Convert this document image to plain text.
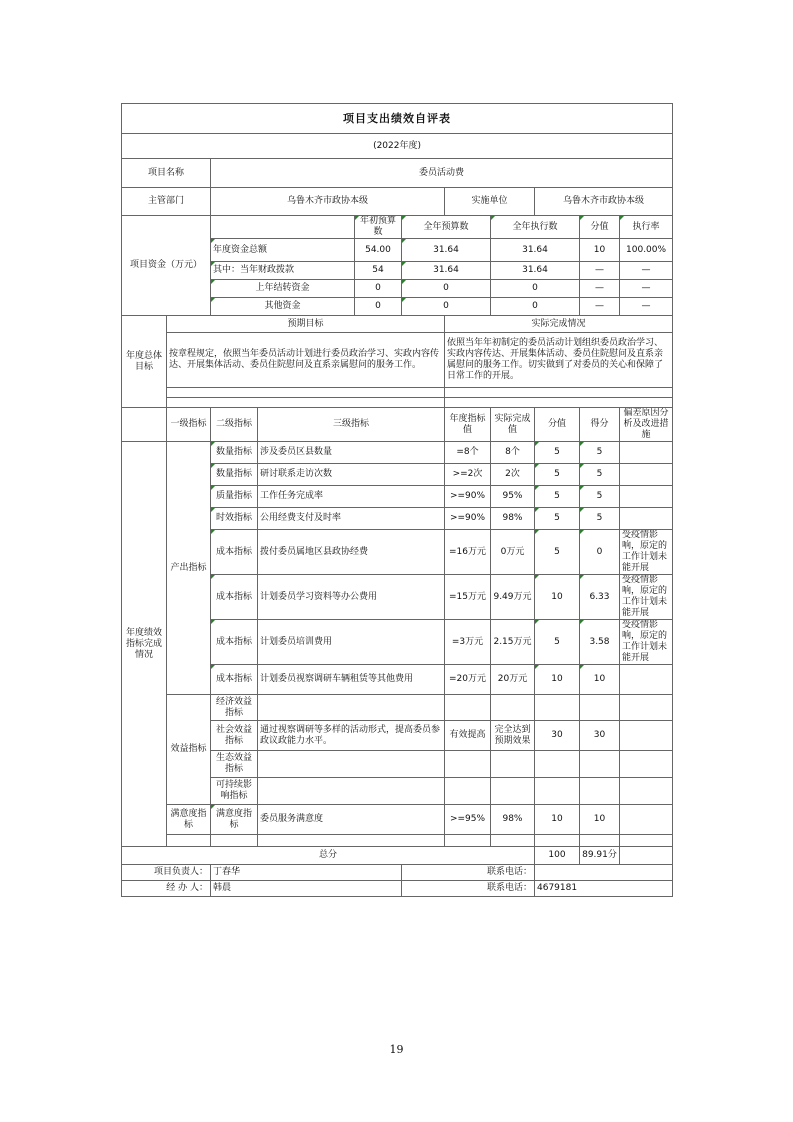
项目支出绩效自评表											
(2022年度)											
项目名称		委员活动费									
主管部门		乌鲁木齐市政协本级				实施单位		乌鲁木齐市政协本级			
项目资金（万元）				年初预算数	全年预算数		全年执行数		分值	执行率	
		年度资金总额		54.00	31.64		31.64		10	100.00%	
		其中：当年财政拨款		54	31.64		31.64		—	—	
		上年结转资金		0	0		0		—	—	
		其他资金		0	0		0		—	—	
年度总体目标	预期目标					实际完成情况					
	按章程规定，依照当年委员活动计划进行委员政治学习、实政内容传达、开展集体活动、委员住院慰问及直系亲属慰问的服务工作。					依照当年年初制定的委员活动计划组织委员政治学习、实政内容传达、开展集体活动、委员住院慰问及直系亲属慰问的服务工作。切实做到了对委员的关心和保障了日常工作的开展。					

	一级指标	二级指标	三级指标			年度指标值	实际完成值	分值	得分	偏差原因分析及改进措施	
年度绩效指标完成情况	产出指标	数量指标	涉及委员区县数量			=8个	8个	5	5		
		数量指标	研讨联系走访次数			>=2次	2次	5	5		
		质量指标	工作任务完成率			>=90%	95%	5	5		
		时效指标	公用经费支付及时率			>=90%	98%	5	5		
		成本指标	拨付委员属地区县政协经费			=16万元	0万元	5	0	受疫情影响，原定的工作计划未能开展	
		成本指标	计划委员学习资料等办公费用			=15万元	9.49万元	10	6.33	受疫情影响，原定的工作计划未能开展	
		成本指标	计划委员培训费用			=3万元	2.15万元	5	3.58	受疫情影响，原定的工作计划未能开展	
		成本指标	计划委员视察调研车辆租赁等其他费用			=20万元	20万元	10	10		
	效益指标	经济效益指标									
		社会效益指标	通过视察调研等多样的活动形式，提高委员参政议政能力水平。			有效提高	完全达到预期效果	30	30		
		生态效益指标									
		可持续影响指标									
	满意度指标	满意度指标	委员服务满意度			>=95%	98%	10	10		

总分								100	89.91分		
项目负责人：		丁春华			联系电话：						
经 办 人：		韩晨			联系电话：			4679181			
19
